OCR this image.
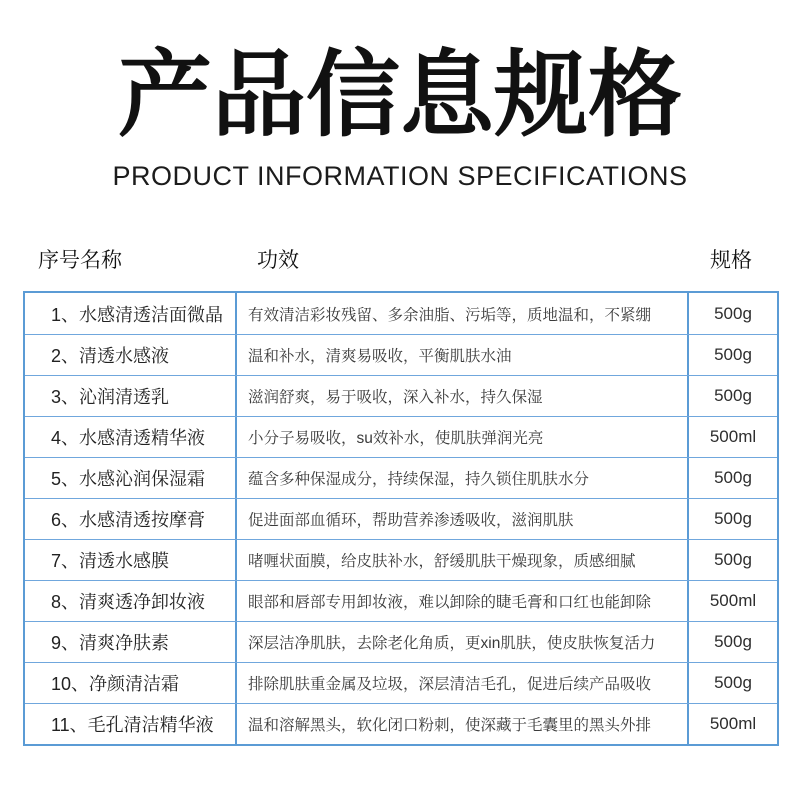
产品信息规格

PRODUCT INFORMATION SPECIFICATIONS

序号名称	功效	规格
1、水感清透洁面微晶	有效清洁彩妆残留、多余油脂、污垢等，质地温和，不紧绷	500g
2、清透水感液	温和补水，清爽易吸收，平衡肌肤水油	500g
3、沁润清透乳	滋润舒爽，易于吸收，深入补水，持久保湿	500g
4、水感清透精华液	小分子易吸收，su效补水，使肌肤弹润光亮	500ml
5、水感沁润保湿霜	蕴含多种保湿成分，持续保湿，持久锁住肌肤水分	500g
6、水感清透按摩膏	促进面部血循环，帮助营养渗透吸收，滋润肌肤	500g
7、清透水感膜	啫喱状面膜，给皮肤补水，舒缓肌肤干燥现象，质感细腻	500g
8、清爽透净卸妆液	眼部和唇部专用卸妆液，难以卸除的睫毛膏和口红也能卸除	500ml
9、清爽净肤素	深层洁净肌肤，去除老化角质，更xin肌肤，使皮肤恢复活力	500g
10、净颜清洁霜	排除肌肤重金属及垃圾，深层清洁毛孔，促进后续产品吸收	500g
11、毛孔清洁精华液	温和溶解黑头，软化闭口粉刺，使深藏于毛囊里的黑头外排	500ml
